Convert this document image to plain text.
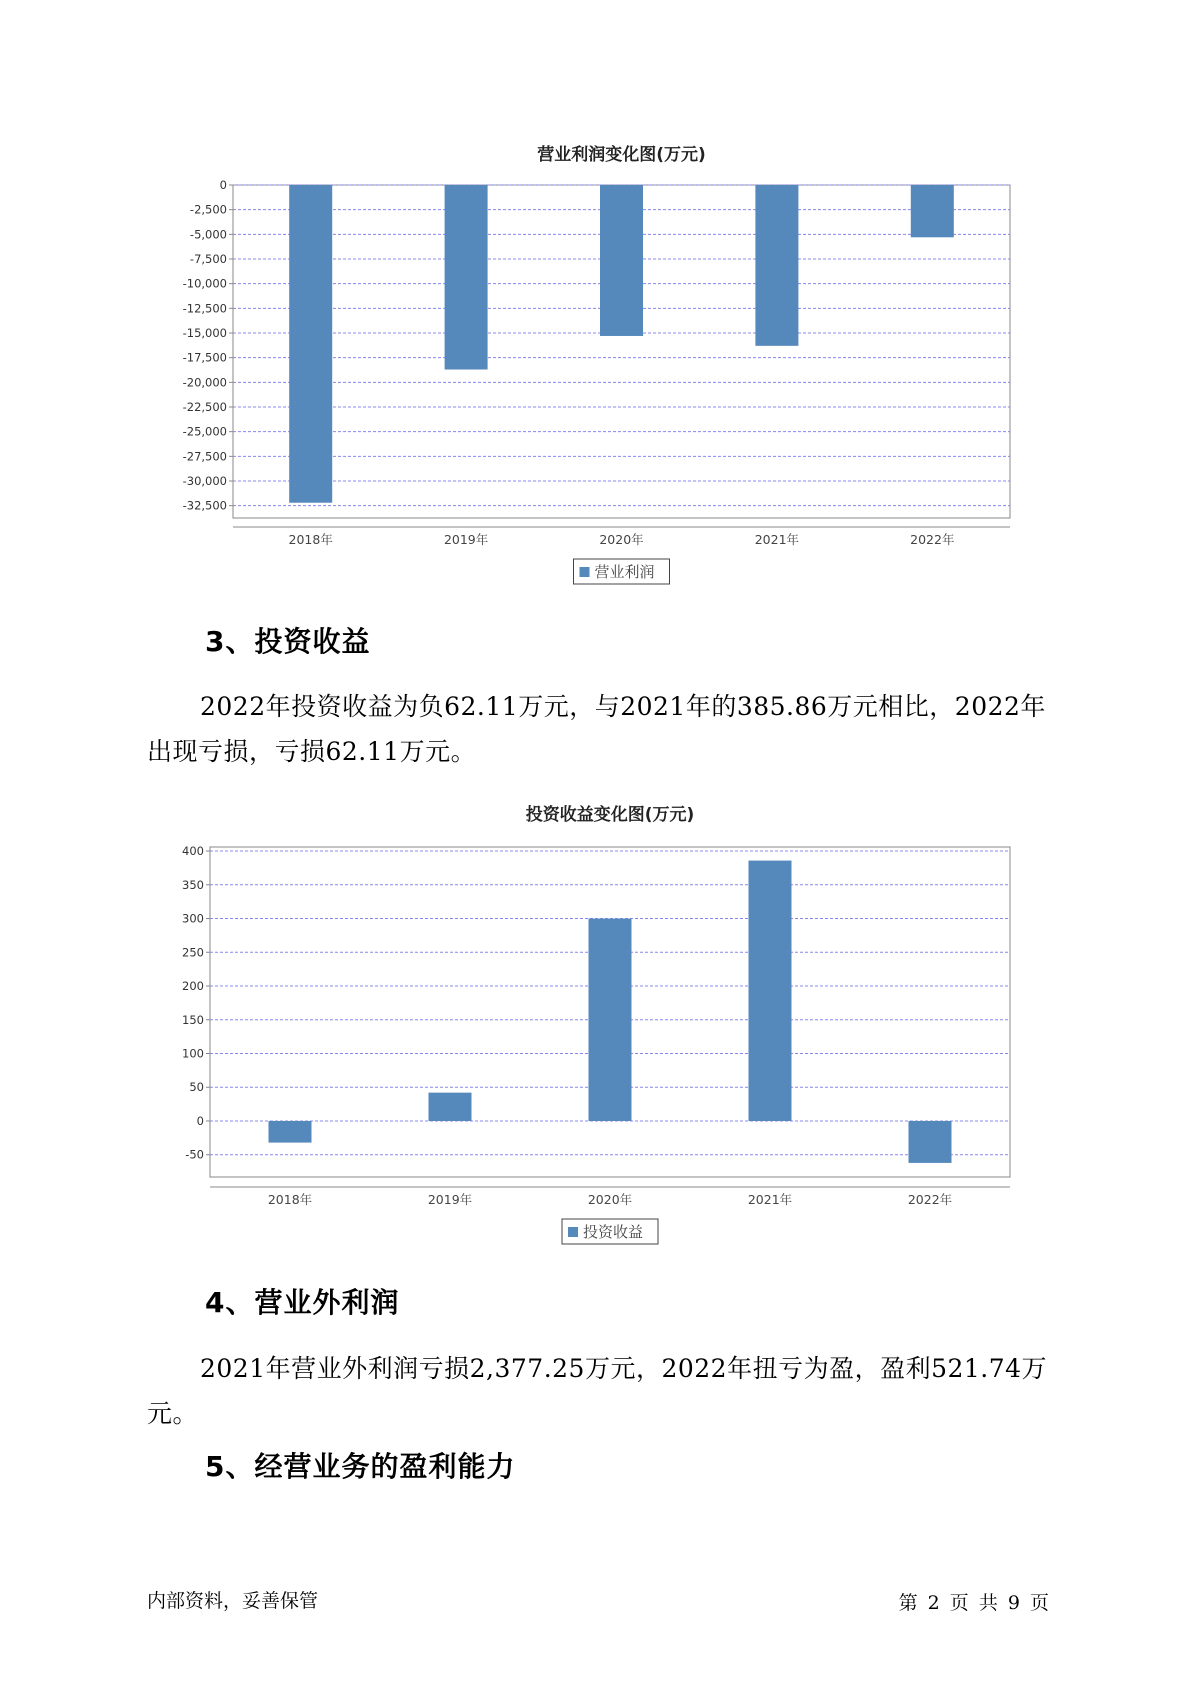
营业利润变化图(万元)
0
-2,500
-5,000
-7,500
-10,000
-12,500
-15,000
-17,500
-20,000
-22,500
-25,000
-27,500
-30,000
-32,500
2018年	2019年	2020年	2021年	2022年
营业利润
3、投资收益

2022年投资收益为负62.11万元，与2021年的385.86万元相比，2022年出现亏损，亏损62.11万元。

投资收益变化图(万元)
400
350
300
250
200
150
100
50
0
-50
2018年	2019年	2020年	2021年	2022年
投资收益
4、营业外利润

2021年营业外利润亏损2,377.25万元，2022年扭亏为盈，盈利521.74万元。

5、经营业务的盈利能力
内部资料，妥善保管	第 2 页 共 9 页
